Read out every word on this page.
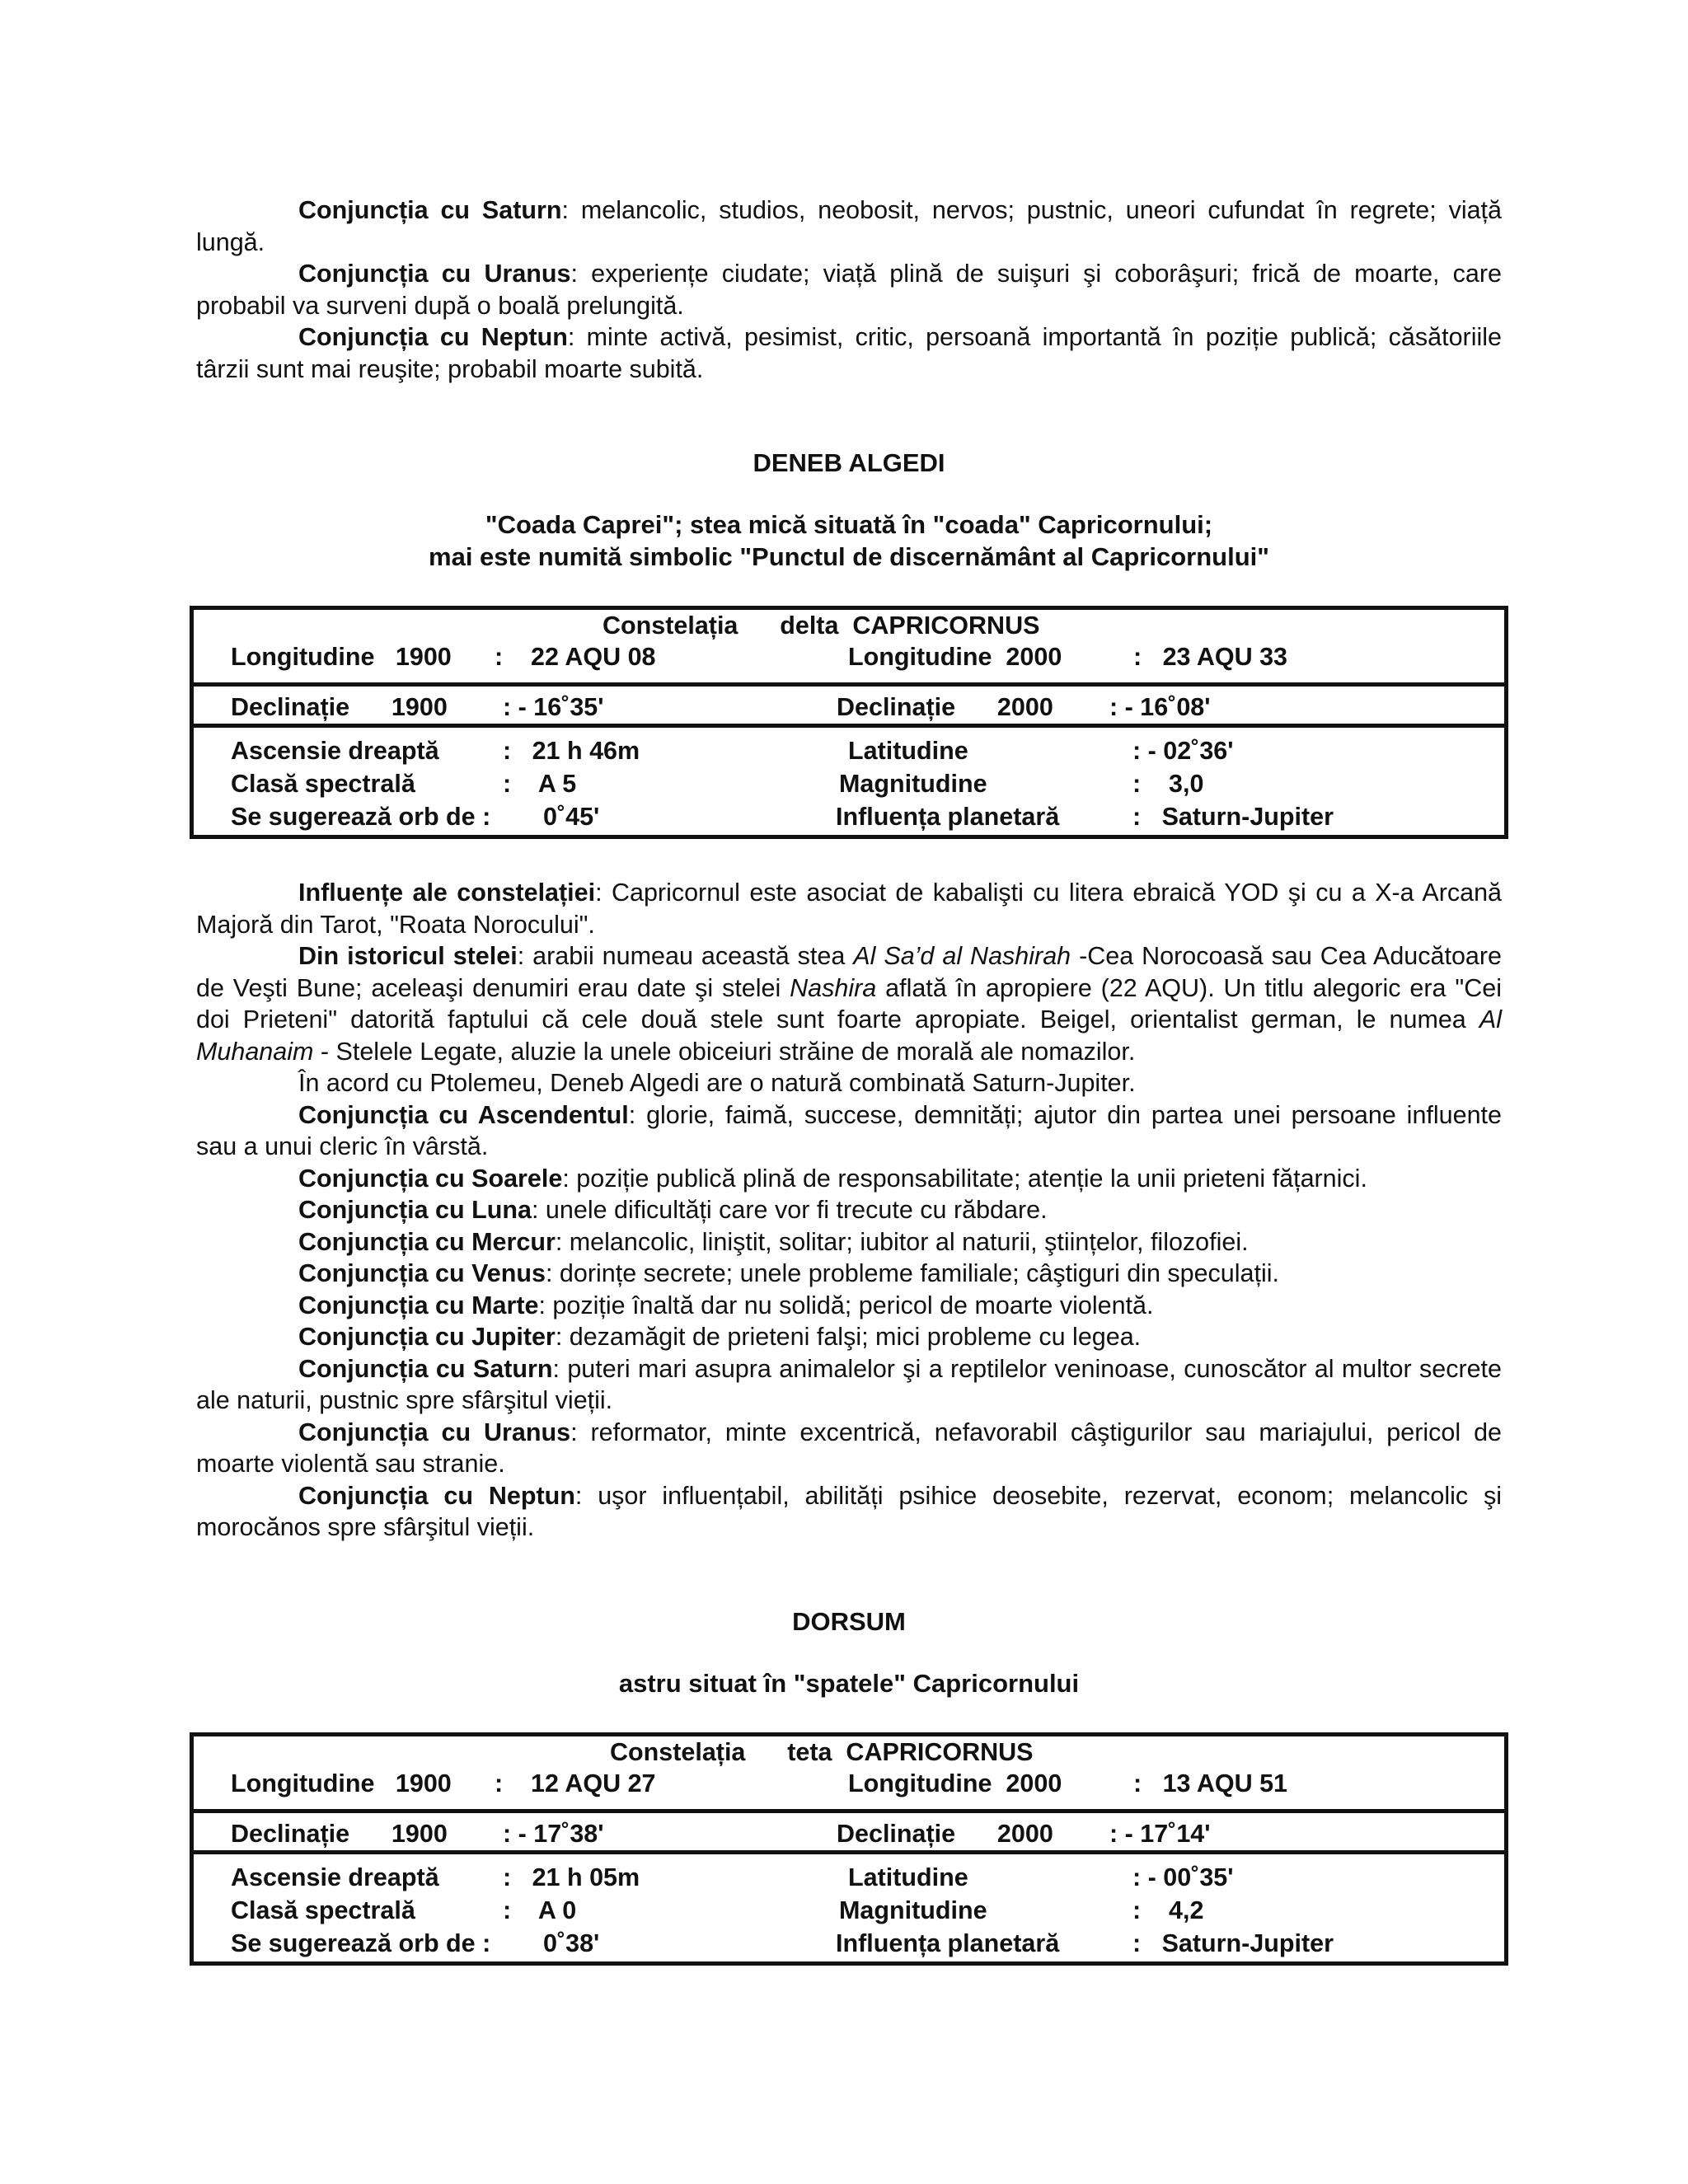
Conjuncția cu Saturn: melancolic, studios, neobosit, nervos; pustnic, uneori cufundat în regrete; viață lungă.

Conjuncția cu Uranus: experiențe ciudate; viață plină de suişuri şi coborâşuri; frică de moarte, care probabil va surveni după o boală prelungită.

Conjuncția cu Neptun: minte activă, pesimist, critic, persoană importantă în poziție publică; căsătoriile târzii sunt mai reuşite; probabil moarte subită.

DENEB ALGEDI

"Coada Caprei"; stea mică situată în "coada" Capricornului;

mai este numită simbolic "Punctul de discernământ al Capricornului"

Constelația      delta  CAPRICORNUS
Longitudine   1900 :    22 AQU 08	Longitudine  2000	:   23 AQU 33
Declinație      1900 : - 16˚35ʹ	Declinație      2000 : - 16˚08ʹ
Ascensie dreaptă	:   21 h 46m	Latitudine	: - 02˚36ʹ
Clasă spectrală	:    A 5	Magnitudine	:    3,0
Se sugerează orb de : 0˚45ʹ	Influența planetară	:   Saturn-Jupiter

Influențe ale constelației: Capricornul este asociat de kabalişti cu litera ebraică YOD şi cu a X-a Arcană Majoră din Tarot, "Roata Norocului".

Din istoricul stelei: arabii numeau această stea Al Sa’d al Nashirah -Cea Norocoasă sau Cea Aducătoare de Veşti Bune; aceleaşi denumiri erau date şi stelei Nashira aflată în apropiere (22 AQU). Un titlu alegoric era "Cei doi Prieteni" datorită faptului că cele două stele sunt foarte apropiate. Beigel, orientalist german, le numea Al Muhanaim - Stelele Legate, aluzie la unele obiceiuri străine de morală ale nomazilor.

În acord cu Ptolemeu, Deneb Algedi are o natură combinată Saturn-Jupiter.

Conjuncția cu Ascendentul: glorie, faimă, succese, demnități; ajutor din partea unei persoane influente sau a unui cleric în vârstă.

Conjuncția cu Soarele: poziție publică plină de responsabilitate; atenție la unii prieteni fățarnici.

Conjuncția cu Luna: unele dificultăți care vor fi trecute cu răbdare.

Conjuncția cu Mercur: melancolic, liniştit, solitar; iubitor al naturii, ştiințelor, filozofiei.

Conjuncția cu Venus: dorințe secrete; unele probleme familiale; câştiguri din speculații.

Conjuncția cu Marte: poziție înaltă dar nu solidă; pericol de moarte violentă.

Conjuncția cu Jupiter: dezamăgit de prieteni falşi; mici probleme cu legea.

Conjuncția cu Saturn: puteri mari asupra animalelor şi a reptilelor veninoase, cunoscător al multor secrete ale naturii, pustnic spre sfârşitul vieții.

Conjuncția cu Uranus: reformator, minte excentrică, nefavorabil câştigurilor sau mariajului, pericol de moarte violentă sau stranie.

Conjuncția cu Neptun: uşor influențabil, abilități psihice deosebite, rezervat, econom; melancolic şi morocănos spre sfârşitul vieții.

DORSUM

astru situat în "spatele" Capricornului

Constelația      teta  CAPRICORNUS
Longitudine   1900 :    12 AQU 27	Longitudine  2000	:   13 AQU 51
Declinație      1900 : - 17˚38ʹ	Declinație      2000 : - 17˚14ʹ
Ascensie dreaptă	:   21 h 05m	Latitudine	: - 00˚35ʹ
Clasă spectrală	:    A 0	Magnitudine	:    4,2
Se sugerează orb de : 0˚38ʹ	Influența planetară	:   Saturn-Jupiter
